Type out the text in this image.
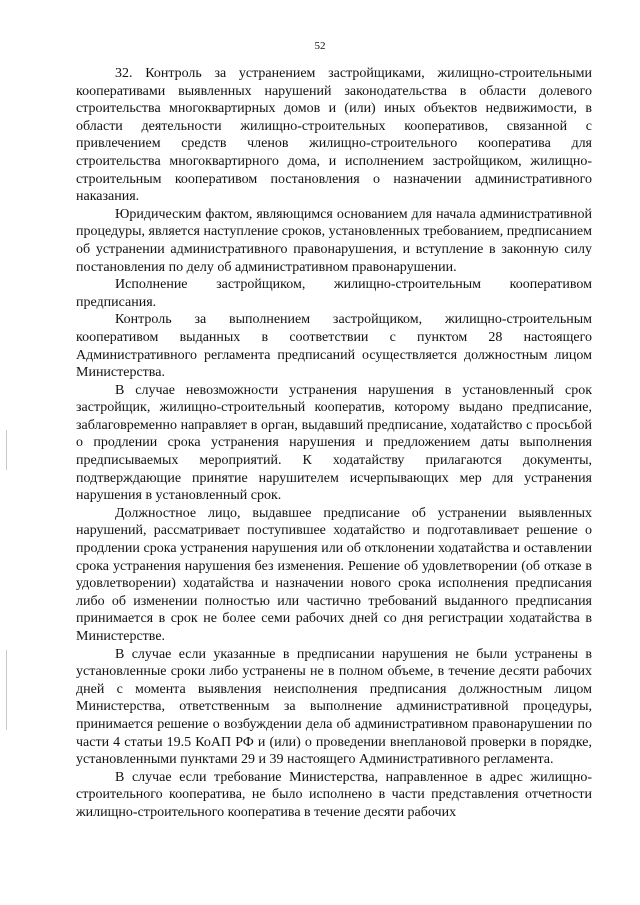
52

32. Контроль за устранением застройщиками, жилищно-строительными кооперативами выявленных нарушений законодательства в области долевого строительства многоквартирных домов и (или) иных объектов недвижимости, в области деятельности жилищно-строительных кооперативов, связанной с привлечением средств членов жилищно-строительного кооператива для строительства многоквартирного дома, и исполнением застройщиком, жилищно-строительным кооперативом постановления о назначении административного наказания.

Юридическим фактом, являющимся основанием для начала административной процедуры, является наступление сроков, установленных требованием, предписанием об устранении административного правонарушения, и вступление в законную силу постановления по делу об административном правонарушении.

Исполнение застройщиком, жилищно-строительным кооперативом предписания.

Контроль за выполнением застройщиком, жилищно-строительным кооперативом выданных в соответствии с пунктом 28 настоящего Административного регламента предписаний осуществляется должностным лицом Министерства.

В случае невозможности устранения нарушения в установленный срок застройщик, жилищно-строительный кооператив, которому выдано предписание, заблаговременно направляет в орган, выдавший предписание, ходатайство с просьбой о продлении срока устранения нарушения и предложением даты выполнения предписываемых мероприятий. К ходатайству прилагаются документы, подтверждающие принятие нарушителем исчерпывающих мер для устранения нарушения в установленный срок.

Должностное лицо, выдавшее предписание об устранении выявленных нарушений, рассматривает поступившее ходатайство и подготавливает решение о продлении срока устранения нарушения или об отклонении ходатайства и оставлении срока устранения нарушения без изменения. Решение об удовлетворении (об отказе в удовлетворении) ходатайства и назначении нового срока исполнения предписания либо об изменении полностью или частично требований выданного предписания принимается в срок не более семи рабочих дней со дня регистрации ходатайства в Министерстве.

В случае если указанные в предписании нарушения не были устранены в установленные сроки либо устранены не в полном объеме, в течение десяти рабочих дней с момента выявления неисполнения предписания должностным лицом Министерства, ответственным за выполнение административной процедуры, принимается решение о возбуждении дела об административном правонарушении по части 4 статьи 19.5 КоАП РФ и (или) о проведении внеплановой проверки в порядке, установленными пунктами 29 и 39 настоящего Административного регламента.

В случае если требование Министерства, направленное в адрес жилищно-строительного кооператива, не было исполнено в части представления отчетности жилищно-строительного кооператива в течение десяти рабочих
